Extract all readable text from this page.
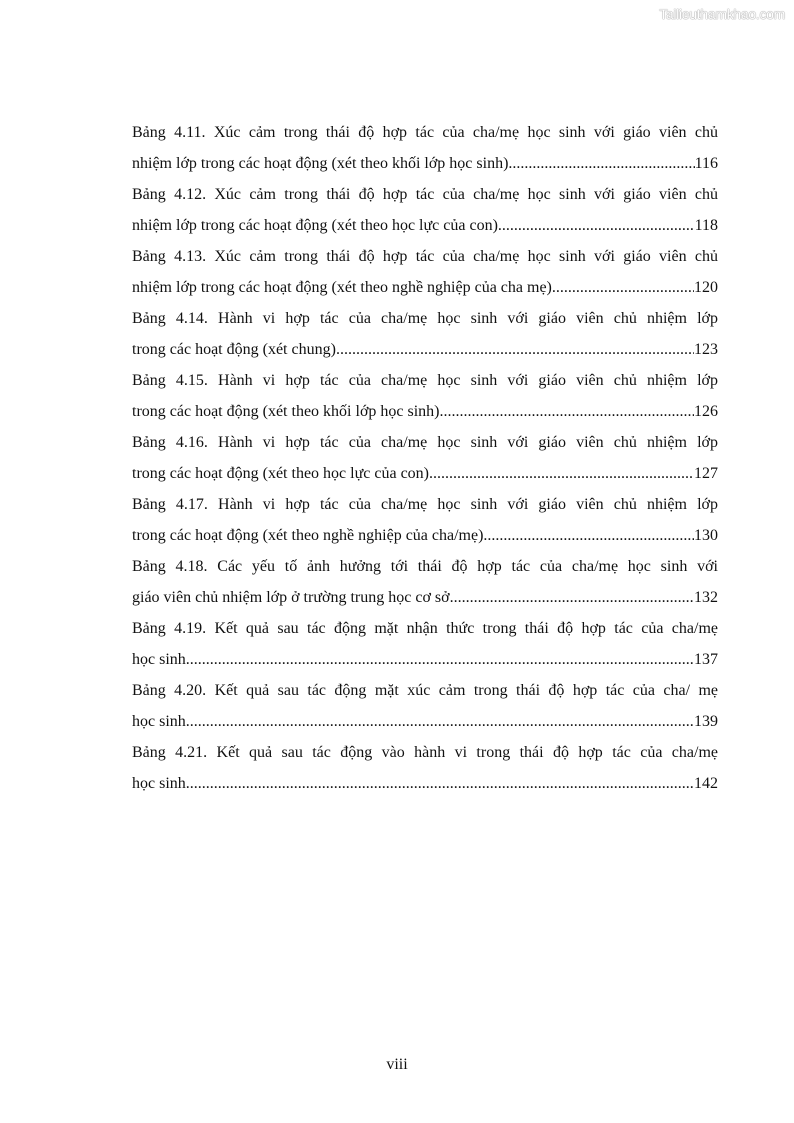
Tailieuthamkhao.com
Bảng 4.11. Xúc cảm trong thái độ hợp tác của cha/mẹ học sinh với giáo viên chủ
nhiệm lớp trong các hoạt động (xét theo khối lớp học sinh) .....	116
Bảng 4.12. Xúc cảm trong thái độ hợp tác của cha/mẹ học sinh với giáo viên chủ
nhiệm lớp trong các hoạt động (xét theo học lực của con) .....	118
Bảng 4.13. Xúc cảm trong thái độ hợp tác của cha/mẹ học sinh với giáo viên chủ
nhiệm lớp trong các hoạt động (xét theo nghề nghiệp của cha mẹ) .....	120
Bảng 4.14. Hành vi hợp tác của cha/mẹ học sinh với giáo viên chủ nhiệm lớp
trong các hoạt động (xét chung) .....	123
Bảng 4.15. Hành vi hợp tác của cha/mẹ học sinh với giáo viên chủ nhiệm lớp
trong các hoạt động (xét theo khối lớp học sinh) .....	126
Bảng 4.16. Hành vi hợp tác của cha/mẹ học sinh với giáo viên chủ nhiệm lớp
trong các hoạt động (xét theo học lực của con) .....	127
Bảng 4.17. Hành vi hợp tác của cha/mẹ học sinh với giáo viên chủ nhiệm lớp
trong các hoạt động (xét theo nghề nghiệp của cha/mẹ) .....	130
Bảng 4.18. Các yếu tố ảnh hưởng tới thái độ hợp tác của cha/mẹ học sinh với
giáo viên chủ nhiệm lớp ở trường trung học cơ sở. .....	132
Bảng 4.19. Kết quả sau tác động mặt nhận thức trong thái độ hợp tác của cha/mẹ
học sinh .....	137
Bảng 4.20. Kết quả sau tác động mặt xúc cảm trong thái độ hợp tác của cha/ mẹ
học sinh .....	139
Bảng 4.21. Kết quả sau tác động vào hành vi trong thái độ hợp tác của cha/mẹ
học sinh .....	142
viii
